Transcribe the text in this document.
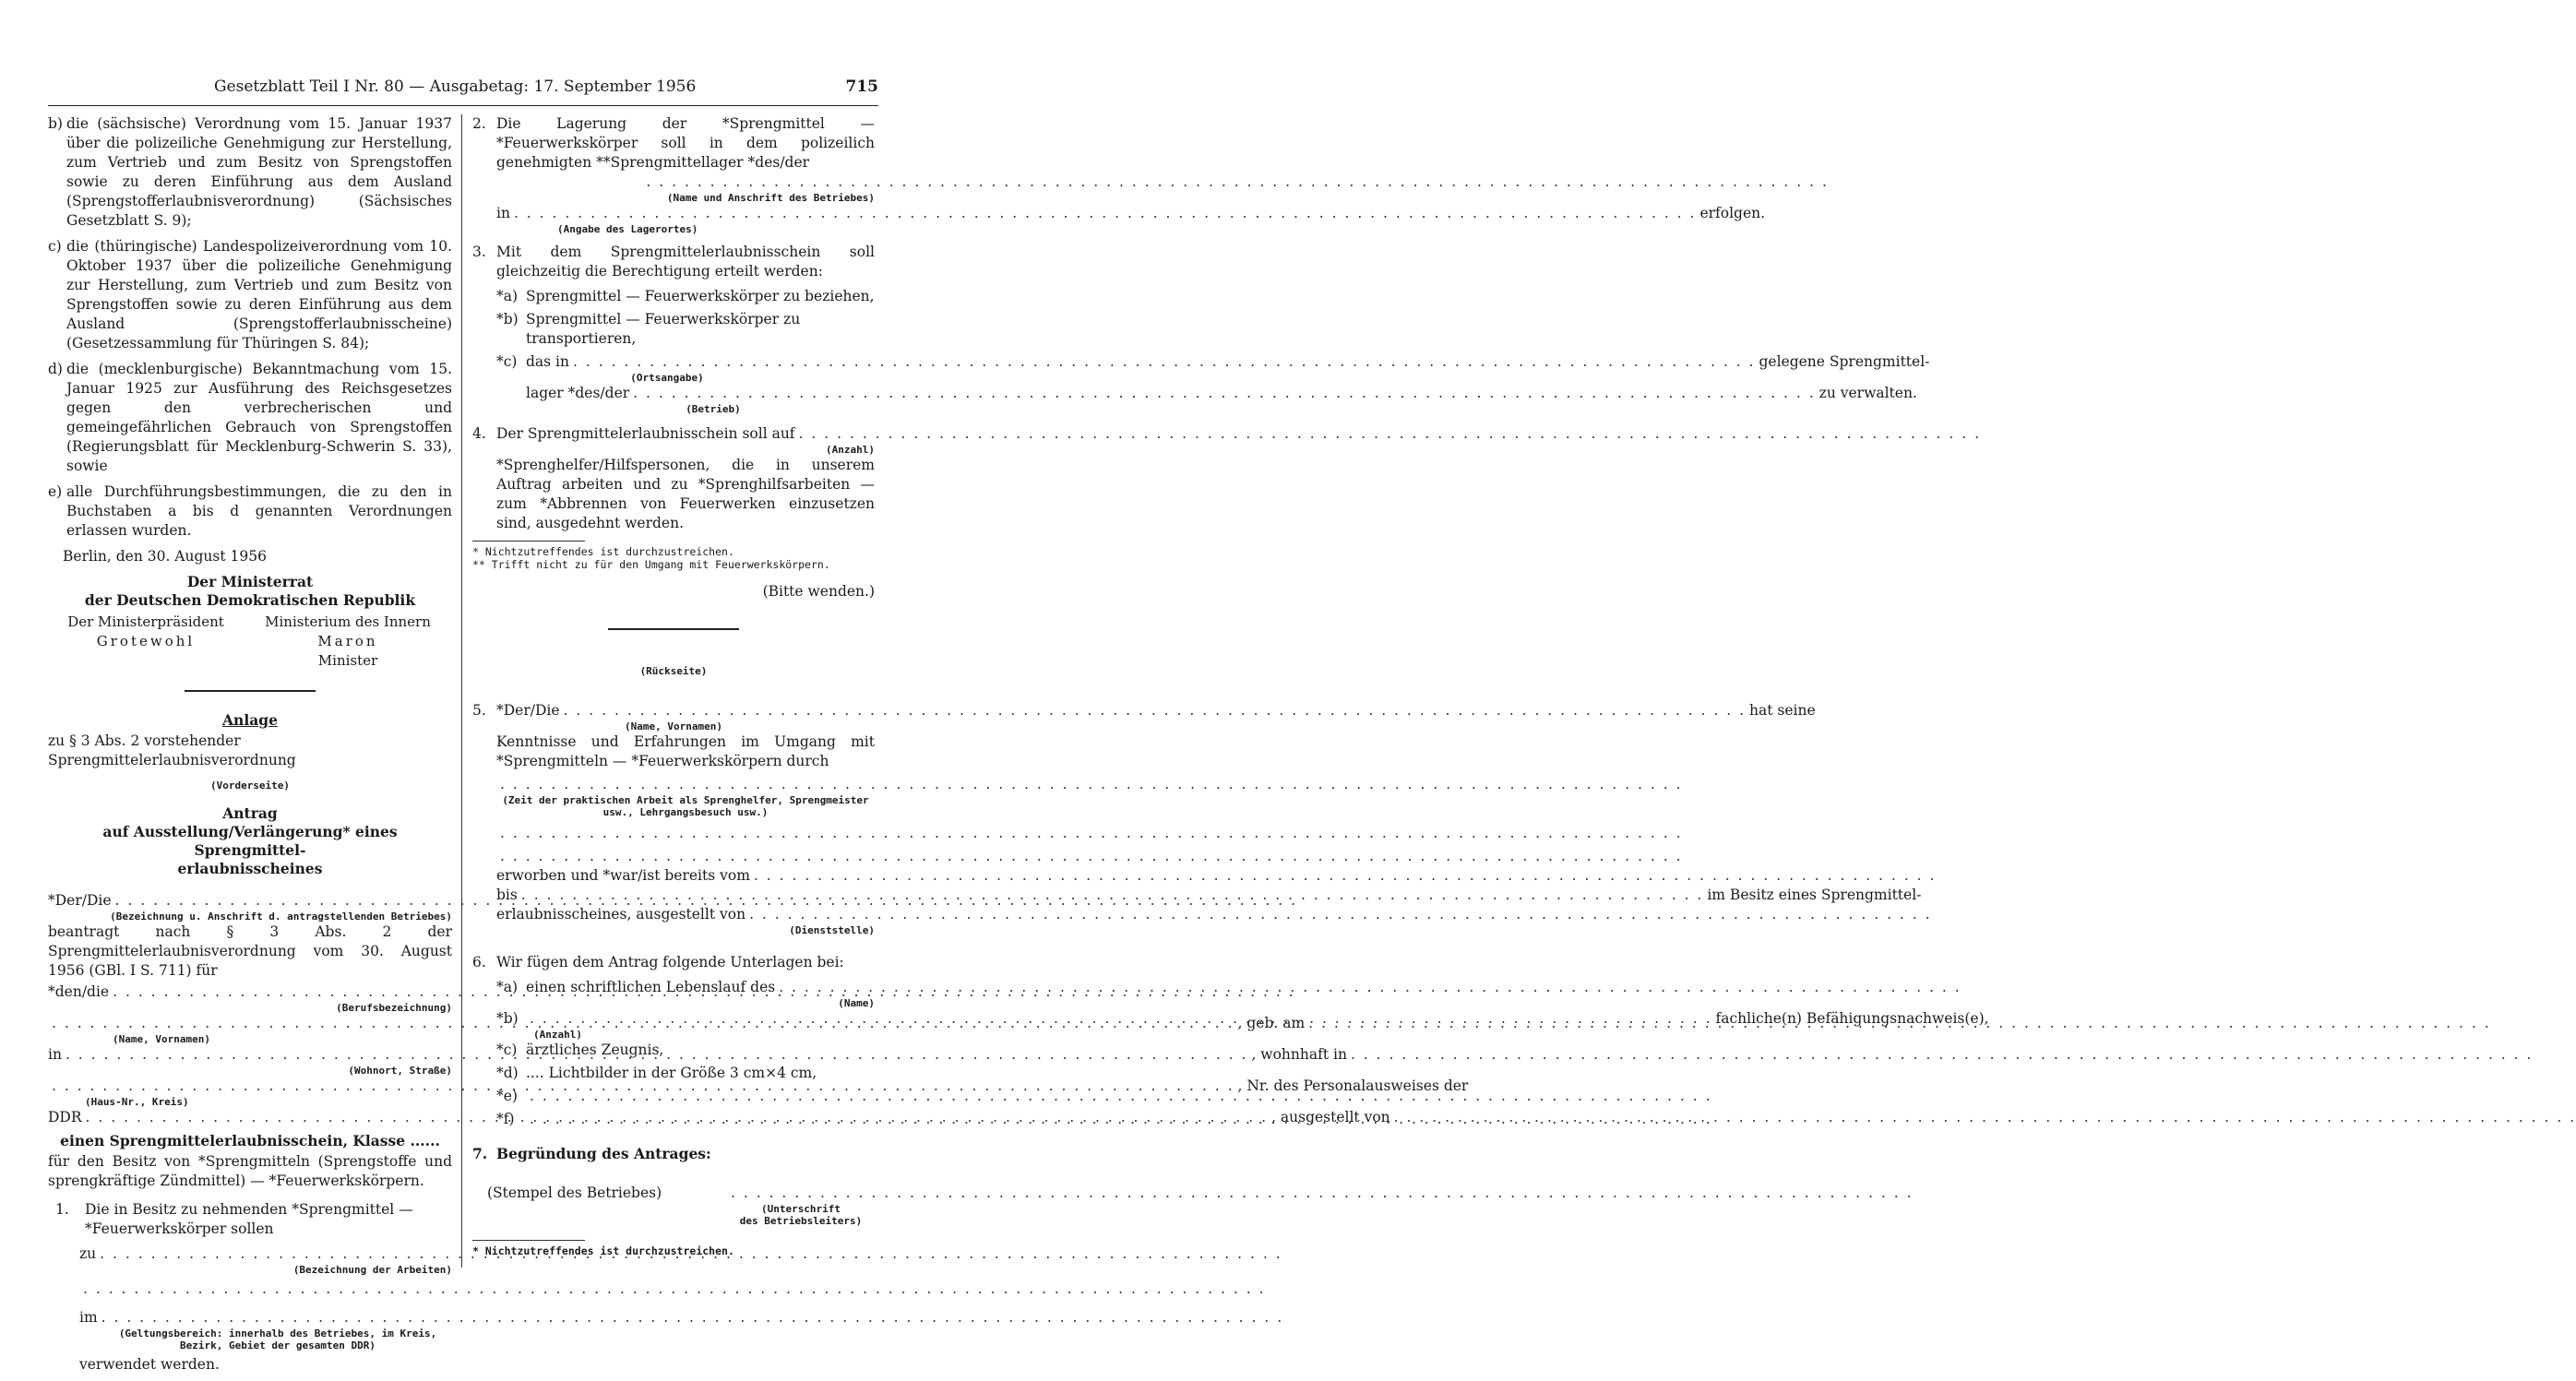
Gesetzblatt Teil I Nr. 80 — Ausgabetag: 17. September 1956	715
b) die (sächsische) Verordnung vom 15. Januar 1937 über die polizeiliche Genehmigung zur Herstellung, zum Vertrieb und zum Besitz von Sprengstoffen sowie zu deren Einführung aus dem Ausland (Sprengstofferlaubnisverordnung) (Sächsisches Gesetzblatt S. 9);
c) die (thüringische) Landespolizeiverordnung vom 10. Oktober 1937 über die polizeiliche Genehmigung zur Herstellung, zum Vertrieb und zum Besitz von Sprengstoffen sowie zu deren Einführung aus dem Ausland (Sprengstofferlaubnisscheine) (Gesetzessammlung für Thüringen S. 84);
d) die (mecklenburgische) Bekanntmachung vom 15. Januar 1925 zur Ausführung des Reichsgesetzes gegen den verbrecherischen und gemeingefährlichen Gebrauch von Sprengstoffen (Regierungsblatt für Mecklenburg-Schwerin S. 33), sowie
e) alle Durchführungsbestimmungen, die zu den in Buchstaben a bis d genannten Verordnungen erlassen wurden.
Berlin, den 30. August 1956
Der Ministerrat
der Deutschen Demokratischen Republik
Der Ministerpräsident	Ministerium des Innern
Grotewohl	Maron
Minister
Anlage
zu § 3 Abs. 2 vorstehender Sprengmittelerlaubnisverordnung
(Vorderseite)
Antrag
auf Ausstellung/Verlängerung* eines Sprengmittel-
erlaubnisscheines
*Der/Die
. . .
(Bezeichnung u. Anschrift d. antragstellenden Betriebes)
beantragt nach § 3 Abs. 2 der Sprengmittelerlaubnisverordnung vom 30. August 1956 (GBl. I S. 711) für
*den/die
. . .
(Berufsbezeichnung)
. . .
, geb. am
. . .
(Name, Vornamen)
in . . .	, wohnhaft in
. . .
(Wohnort, Straße)
. . .
, Nr. des Personalausweises der
(Haus-Nr., Kreis)
DDR . . .	, ausgestellt von
. . .
einen Sprengmittelerlaubnisschein, Klasse ......
für den Besitz von *Sprengmitteln (Sprengstoffe und sprengkräftige Zündmittel) — *Feuerwerkskörpern.
1.	Die in Besitz zu nehmenden *Sprengmittel — *Feuerwerkskörper sollen
zu
. . .
(Bezeichnung der Arbeiten)
. . .
im
. . .
(Geltungsbereich: innerhalb des Betriebes, im Kreis, Bezirk, Gebiet der gesamten DDR)
verwendet werden.
2. Die Lagerung der *Sprengmittel — *Feuerwerkskörper soll in dem polizeilich genehmigten **Sprengmittellager *des/der
. . .
(Name und Anschrift des Betriebes)
in . . .	erfolgen.
(Angabe des Lagerortes)
3. Mit dem Sprengmittelerlaubnisschein soll gleichzeitig die Berechtigung erteilt werden:
*a) Sprengmittel — Feuerwerkskörper zu beziehen,
*b) Sprengmittel — Feuerwerkskörper zu transportieren,
*c) das in . . .	gelegene Sprengmittel-
(Ortsangabe)
lager *des/der . . .	zu verwalten.
(Betrieb)
4. Der Sprengmittelerlaubnisschein soll auf
. . .
(Anzahl)
*Sprenghelfer/Hilfspersonen, die in unserem Auftrag arbeiten und zu *Sprenghilfsarbeiten — zum *Abbrennen von Feuerwerken einzusetzen sind, ausgedehnt werden.
* Nichtzutreffendes ist durchzustreichen.
** Trifft nicht zu für den Umgang mit Feuerwerkskörpern.
(Bitte wenden.)
(Rückseite)
5. *Der/Die . . .	hat seine
(Name, Vornamen)
Kenntnisse und Erfahrungen im Umgang mit *Sprengmitteln — *Feuerwerkskörpern durch
. . .
(Zeit der praktischen Arbeit als Sprenghelfer, Sprengmeister usw., Lehrgangsbesuch usw.)
. . .
. . .
erworben und *war/ist bereits vom
. . .
bis . . .	im Besitz eines Sprengmittel-
erlaubnisscheines, ausgestellt von
. . .
(Dienststelle)
6. Wir fügen dem Antrag folgende Unterlagen bei:
*a) einen schriftlichen Lebenslauf des
. . .
(Name)
*b) . . .	fachliche(n) Befähigungsnachweis(e),
(Anzahl)
*c) ärztliches Zeugnis,
*d) .... Lichtbilder in der Größe 3 cm×4 cm,
*e)
. . .
*f)
. . .
7. Begründung des Antrages:
(Stempel des Betriebes)
. . .
(Unterschrift
des Betriebsleiters)
* Nichtzutreffendes ist durchzustreichen.
